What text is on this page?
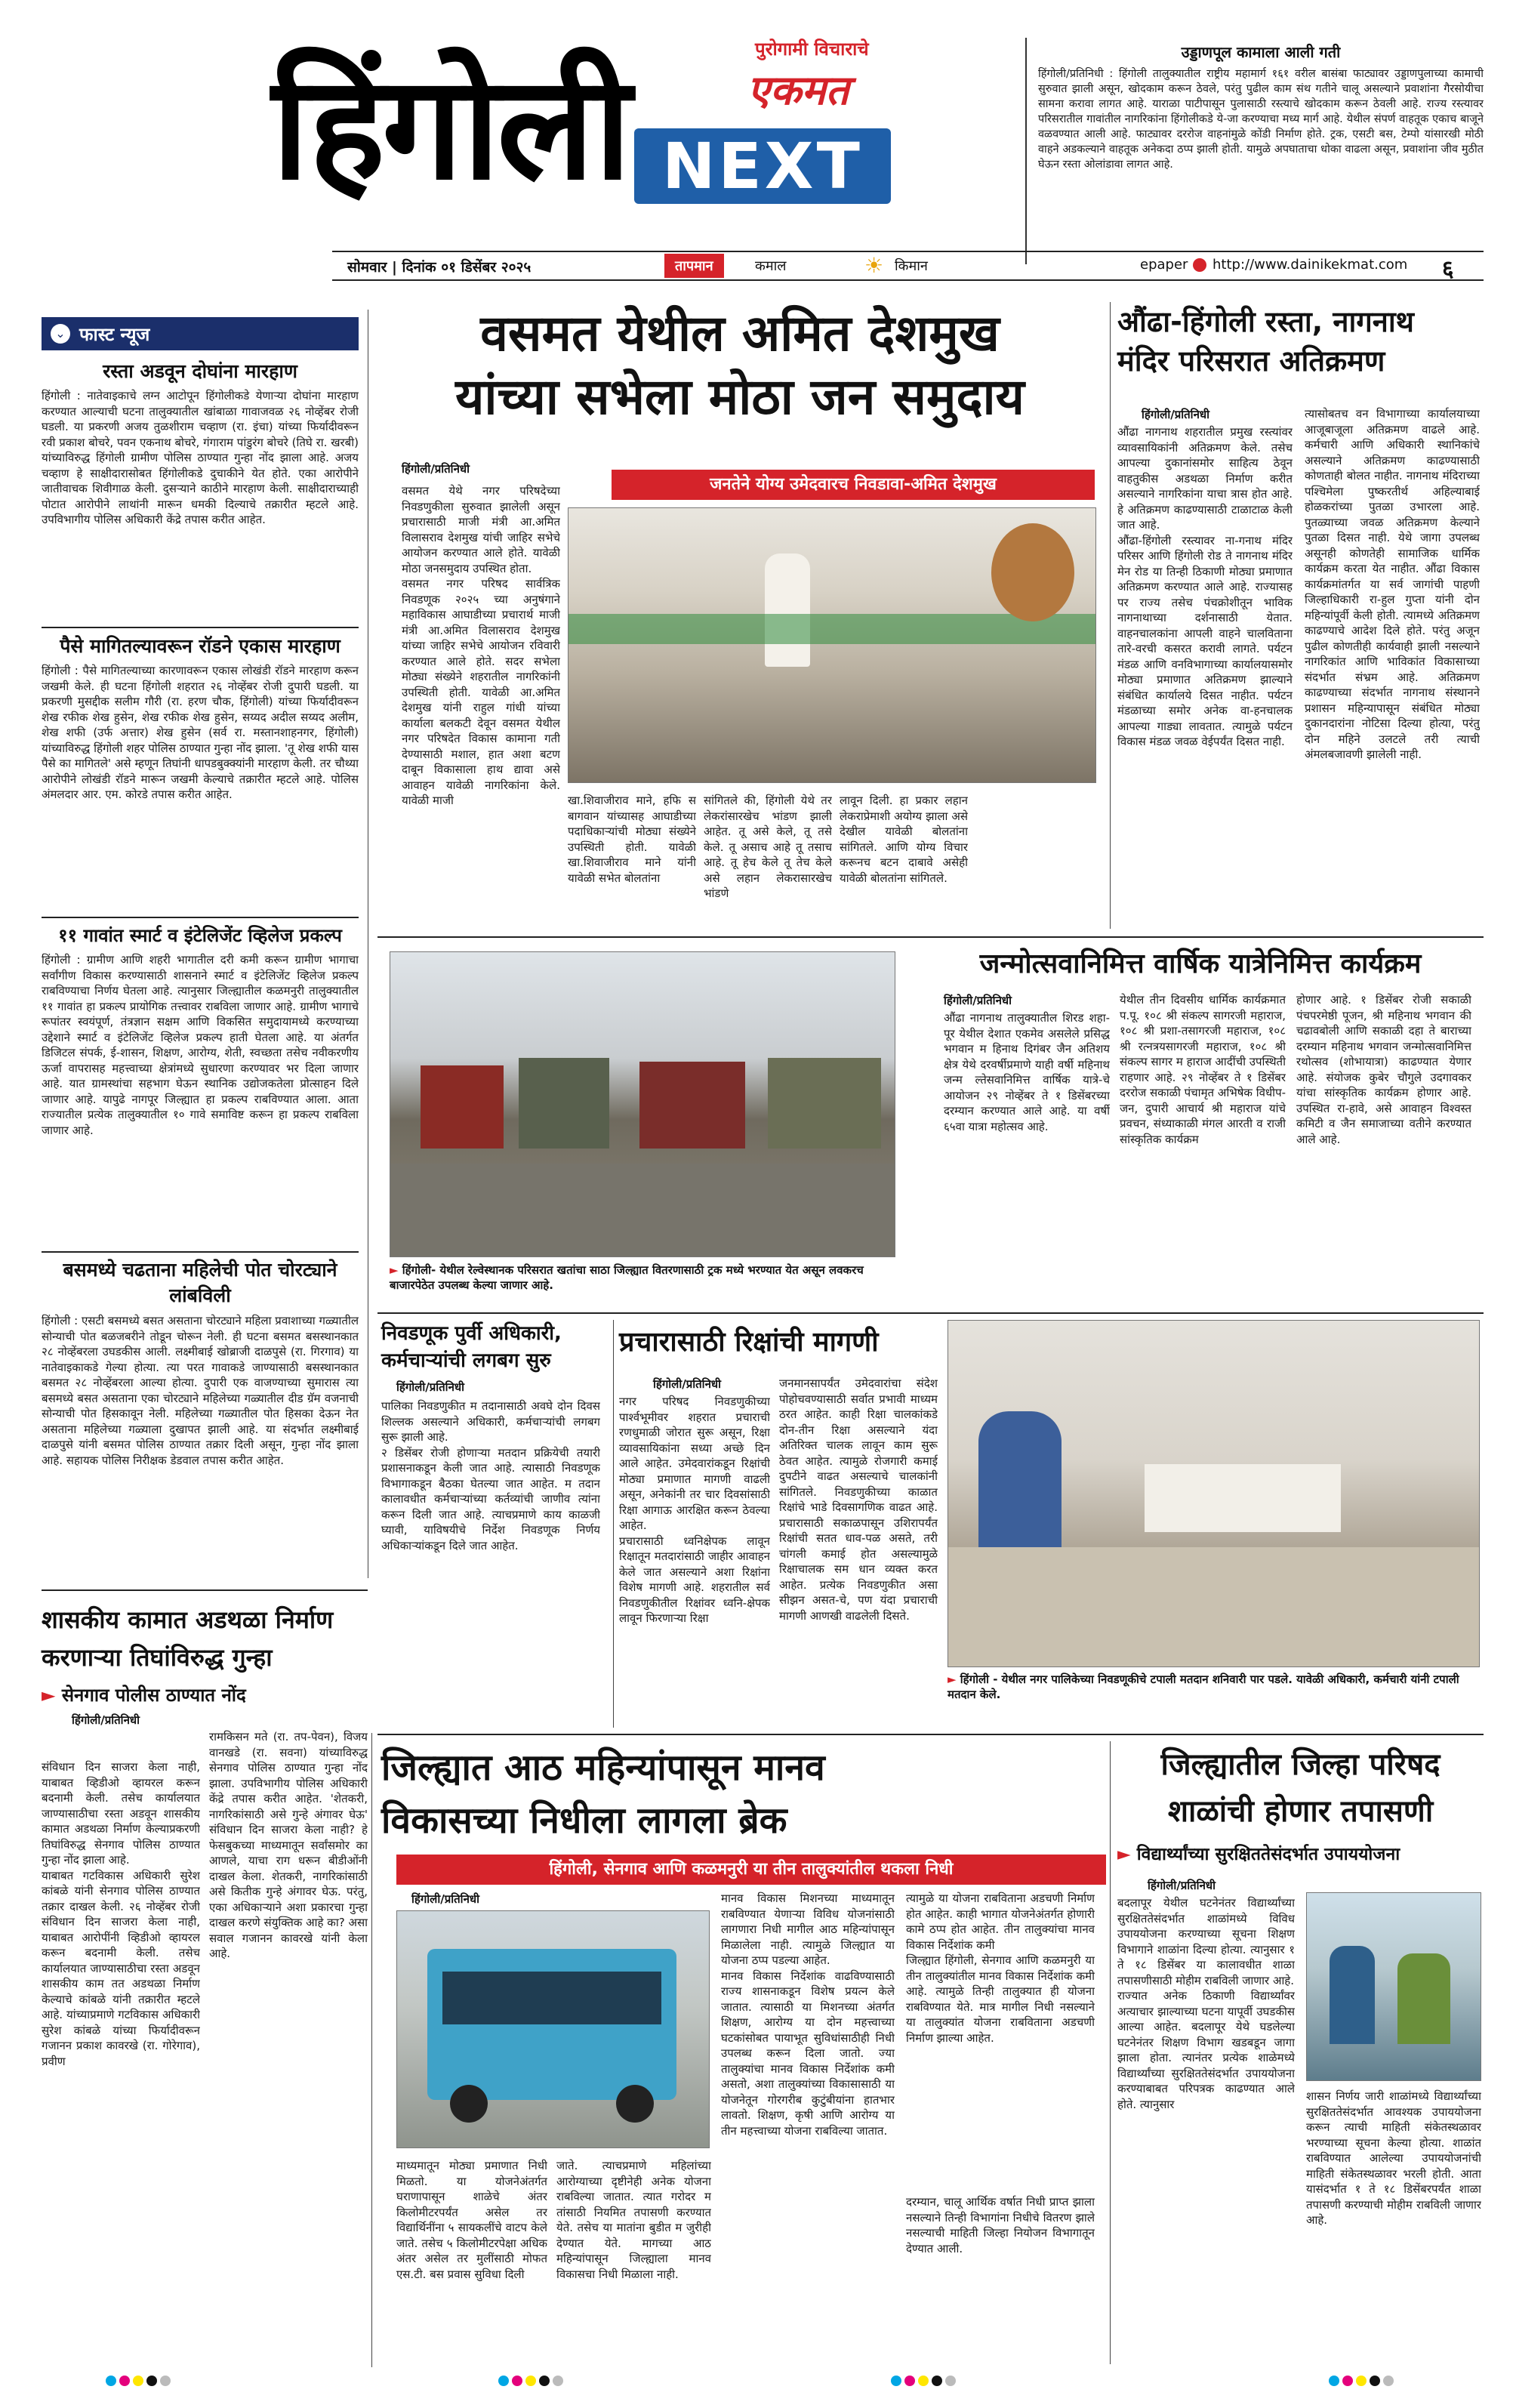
हिंगोली	पुरोगामी विचाराचे
एकमत
NEXT
उड्डाणपूल कामाला आली गती
हिंगोली/प्रतिनिधी : हिंगोली तालुक्यातील राष्ट्रीय महामार्ग १६१ वरील बासंबा फाट्यावर उड्डाणपुलाच्या कामाची सुरुवात झाली असून, खोदकाम करून ठेवले, परंतु पुढील काम संथ गतीने चालू असल्याने प्रवाशांना गैरसोयीचा सामना करावा लागत आहे. याराळा पाटीपासून पुलासाठी रस्त्याचे खोदकाम करून ठेवली आहे. राज्य रस्त्यावर परिसरातील गावांतील नागरिकांना हिंगोलीकडे ये-जा करण्याचा मध्य मार्ग आहे. येथील संपर्ण वाहतूक एकाच बाजूने वळवण्यात आली आहे. फाट्यावर दररोज वाहनांमुळे कोंडी निर्माण होते. ट्रक, एसटी बस, टेम्पो यांसारखी मोठी वाहने अडकल्याने वाहतूक अनेकदा ठप्प झाली होती. यामुळे अपघाताचा धोका वाढला असून, प्रवाशांना जीव मुठीत घेऊन रस्ता ओलांडावा लागत आहे.
सोमवार | दिनांक ०१ डिसेंबर २०२५	तापमान	कमाल	☀ किमान	epaper http://www.dainikekmat.com ६
⌄ फास्ट न्यूज
रस्ता अडवून दोघांना मारहाण
हिंगोली : नातेवाइकाचे लग्न आटोपून हिंगोलीकडे येणाऱ्या दोघांना मारहाण करण्यात आल्याची घटना तालुक्यातील खांबाळा गावाजवळ २६ नोव्हेंबर रोजी घडली. या प्रकरणी अजय तुळशीराम चव्हाण (रा. इंचा) यांच्या फिर्यादीवरून रवी प्रकाश बोचरे, पवन एकनाथ बोचरे, गंगाराम पांडुरंग बोचरे (तिघे रा. खरबी) यांच्याविरुद्ध हिंगोली ग्रामीण पोलिस ठाण्यात गुन्हा नोंद झाला आहे. अजय चव्हाण हे साक्षीदारासोबत हिंगोलीकडे दुचाकीने येत होते. एका आरोपीने जातीवाचक शिवीगाळ केली. दुसऱ्याने काठीने मारहाण केली. साक्षीदाराच्याही पोटात आरोपीने लाथांनी मारून धमकी दिल्याचे तक्रारीत म्हटले आहे. उपविभागीय पोलिस अधिकारी केंद्रे तपास करीत आहेत.
पैसे मागितल्यावरून रॉडने एकास मारहाण
हिंगोली : पैसे मागितल्याच्या कारणावरून एकास लोखंडी रॉडने मारहाण करून जखमी केले. ही घटना हिंगोली शहरात २६ नोव्हेंबर रोजी दुपारी घडली. या प्रकरणी मुसद्दीक सलीम गौरी (रा. हरण चौक, हिंगोली) यांच्या फिर्यादीवरून शेख रफीक शेख हुसेन, शेख रफीक शेख हुसेन, सय्यद अदील सय्यद अलीम, शेख शफी (उर्फ अत्तार) शेख हुसेन (सर्व रा. मस्तानशाहनगर, हिंगोली) यांच्याविरुद्ध हिंगोली शहर पोलिस ठाण्यात गुन्हा नोंद झाला. 'तू शेख शफी यास पैसे का मागितले' असे म्हणून तिघांनी धापडबुक्क्यांनी मारहाण केली. तर चौथ्या आरोपीने लोखंडी रॉडने मारून जखमी केल्याचे तक्रारीत म्हटले आहे. पोलिस अंमलदार आर. एम. कोरडे तपास करीत आहेत.
११ गावांत स्मार्ट व इंटेलिजेंट व्हिलेज प्रकल्प
हिंगोली : ग्रामीण आणि शहरी भागातील दरी कमी करून ग्रामीण भागाचा सर्वांगीण विकास करण्यासाठी शासनाने स्मार्ट व इंटेलिजेंट व्हिलेज प्रकल्प राबविण्याचा निर्णय घेतला आहे. त्यानुसार जिल्ह्यातील कळमनुरी तालुक्यातील ११ गावांत हा प्रकल्प प्रायोगिक तत्त्वावर राबविला जाणार आहे. ग्रामीण भागाचे रूपांतर स्वयंपूर्ण, तंत्रज्ञान सक्षम आणि विकसित समुदायामध्ये करण्याच्या उद्देशाने स्मार्ट व इंटेलिजेंट व्हिलेज प्रकल्प हाती घेतला आहे. या अंतर्गत डिजिटल संपर्क, ई-शासन, शिक्षण, आरोग्य, शेती, स्वच्छता तसेच नवीकरणीय ऊर्जा वापरासह महत्त्वाच्या क्षेत्रांमध्ये सुधारणा करण्यावर भर दिला जाणार आहे. यात ग्रामस्थांचा सहभाग घेऊन स्थानिक उद्योजकतेला प्रोत्साहन दिले जाणार आहे. यापुढे नागपूर जिल्ह्यात हा प्रकल्प राबविण्यात आला. आता राज्यातील प्रत्येक तालुक्यातील १० गावे समाविष्ट करून हा प्रकल्प राबविला जाणार आहे.
बसमध्ये चढताना महिलेची पोत चोरट्याने लांबविली
हिंगोली : एसटी बसमध्ये बसत असताना चोरट्याने महिला प्रवाशाच्या गळ्यातील सोन्याची पोत बळजबरीने तोडून चोरून नेली. ही घटना बसमत बसस्थानकात २८ नोव्हेंबरला उघडकीस आली. लक्ष्मीबाई खोब्राजी दाळपुसे (रा. गिरगाव) या नातेवाइकाकडे गेल्या होत्या. त्या परत गावाकडे जाण्यासाठी बसस्थानकात बसमत २८ नोव्हेंबरला आल्या होत्या. दुपारी एक वाजण्याच्या सुमारास त्या बसमध्ये बसत असताना एका चोरट्याने महिलेच्या गळ्यातील दीड ग्रॅम वजनाची सोन्याची पोत हिसकावून नेली. महिलेच्या गळ्यातील पोत हिसका देऊन नेत असताना महिलेच्या गळ्याला दुखापत झाली आहे. या संदर्भात लक्ष्मीबाई दाळपुसे यांनी बसमत पोलिस ठाण्यात तक्रार दिली असून, गुन्हा नोंद झाला आहे. सहायक पोलिस निरीक्षक डेडवाल तपास करीत आहेत.
वसमत येथील अमित देशमुख
यांच्या सभेला मोठा जन समुदाय
जनतेने योग्य उमेदवारच निवडावा-अमित देशमुख
हिंगोली/प्रतिनिधी
वसमत येथे नगर परिषदेच्या निवडणुकीला सुरुवात झालेली असून प्रचारासाठी माजी मंत्री आ.अमित विलासराव देशमुख यांची जाहिर सभेचे आयोजन करण्यात आले होते. यावेळी मोठा जनसमुदाय उपस्थित होता.
वसमत नगर परिषद सार्वत्रिक निवडणूक २०२५ च्या अनुषंगाने महाविकास आघाडीच्या प्रचारार्थ माजी मंत्री आ.अमित विलासराव देशमुख यांच्या जाहिर सभेचे आयोजन रविवारी करण्यात आले होते. सदर सभेला मोठ्या संख्येने शहरातील नागरिकांनी उपस्थिती होती. यावेळी आ.अमित देशमुख यांनी राहुल गांधी यांच्या कार्याला बलकटी देवून वसमत येथील नगर परिषदेत विकास कामाना गती देण्यासाठी मशाल, हात अशा बटण दाबून विकासाला हाथ द्यावा असे आवाहन यावेळी नागरिकांना केले. यावेळी माजी	खा.शिवाजीराव माने, हफि स बागवान यांच्यासह आघाडीच्या पदाधिकाऱ्यांची मोठ्या संख्येने उपस्थिती होती. यावेळी खा.शिवाजीराव माने यांनी यावेळी सभेत बोलतांना
सांगितले की, हिंगोली येथे तर लेकरांसारखेच भांडण झाली आहेत. तू असे केले, तू तसे केले. तू असाच आहे तू तसाच आहे. तू हेच केले तू तेच केले असे लहान लेकरासारखेच भांडणे
लावून दिली. हा प्रकार लहान लेकराप्रेमाशी अयोग्य झाला असे देखील यावेळी बोलतांना सांगितले. आणि योग्य विचार करूनच बटन दाबावे असेही यावेळी बोलतांना सांगितले.
औंढा-हिंगोली रस्ता, नागनाथ
मंदिर परिसरात अतिक्रमण
हिंगोली/प्रतिनिधी
औंढा नागनाथ शहरातील प्रमुख रस्त्यांवर व्यावसायिकांनी अतिक्रमण केले. तसेच आपल्या दुकानांसमोर साहित्य ठेवून वाहतुकीस अडथळा निर्माण करीत असल्याने नागरिकांना याचा त्रास होत आहे. हे अतिक्रमण काढण्यासाठी टाळाटाळ केली जात आहे.
औंढा-हिंगोली रस्त्यावर ना-गनाथ मंदिर परिसर आणि हिंगोली रोड ते नागनाथ मंदिर मेन रोड या तिन्ही ठिकाणी मोठ्या प्रमाणात अतिक्रमण करण्यात आले आहे. राज्यासह पर राज्य तसेच पंचक्रोशीतून भाविक नागनाथाच्या दर्शनासाठी येतात. वाहनचालकांना आपली वाहने चालविताना तारे-वरची कसरत करावी लागते. पर्यटन मंडळ आणि वनविभागाच्या कार्यालयासमोर मोठ्या प्रमाणात अतिक्रमण झाल्याने संबंधित कार्यालये दिसत नाहीत. पर्यटन मंडळाच्या समोर अनेक वा-हनचालक आपल्या गाड्या लावतात. त्यामुळे पर्यटन विकास मंडळ जवळ वेईपर्यंत दिसत नाही.
त्यासोबतच वन विभागाच्या कार्यालयाच्या आजूबाजूला अतिक्रमण वाढले आहे. कर्मचारी आणि अधिकारी स्थानिकांचे असल्याने अतिक्रमण काढण्यासाठी कोणताही बोलत नाहीत. नागनाथ मंदिराच्या पश्चिमेला पुष्करतीर्थ अहिल्याबाई होळकरांच्या पुतळा उभारला आहे. पुतळ्याच्या जवळ अतिक्रमण केल्याने पुतळा दिसत नाही. येथे जागा उपलब्ध असूनही कोणतेही सामाजिक धार्मिक कार्यक्रम करता येत नाहीत. औंढा विकास कार्यक्रमांतर्गत या सर्व जागांची पाहणी जिल्हाधिकारी रा-हुल गुप्ता यांनी दोन महिन्यांपूर्वी केली होती. त्यामध्ये अतिक्रमण काढण्याचे आदेश दिले होते. परंतु अजून पुढील कोणतीही कार्यवाही झाली नसल्याने नागरिकांत आणि भाविकांत विकासाच्या संदर्भात संभ्रम आहे. अतिक्रमण काढण्याच्या संदर्भात नागनाथ संस्थानने प्रशासन महिन्यापासून संबंधित मोठ्या दुकानदारांना नोटिसा दिल्या होत्या, परंतु दोन महिने उलटले तरी त्याची अंमलबजावणी झालेली नाही.
► हिंगोली- येथील रेल्वेस्थानक परिसरात खतांचा साठा जिल्ह्यात वितरणासाठी ट्रक मध्ये भरण्यात येत असून लवकरच बाजारपेठेत उपलब्ध केल्या जाणार आहे.
जन्मोत्सवानिमित्त वार्षिक यात्रेनिमित्त कार्यक्रम
हिंगोली/प्रतिनिधी
औंढा नागनाथ तालुक्यातील शिरड शहा-पूर येथील देशात एकमेव असलेले प्रसिद्ध भगवान म हिनाथ दिगंबर जैन अतिशय क्षेत्र येथे दरवर्षीप्रमाणे याही वर्षी महिनाथ जन्म ल्तेसवानिमित्त वार्षिक यात्रे-चे आयोजन २९ नोव्हेंबर ते १ डिसेंबरच्या दरम्यान करण्यात आले आहे. या वर्षी ६५वा यात्रा महोत्सव आहे.
येथील तीन दिवसीय धार्मिक कार्यक्रमात प.पू. १०८ श्री संकल्प सागरजी महाराज, १०८ श्री प्रशा-तसागरजी महाराज, १०८ श्री रत्नत्रयसागरजी महाराज, १०८ श्री संकल्प सागर म हाराज आदींची उपस्थिती राहणार आहे. २९ नोव्हेंबर ते १ डिसेंबर दररोज सकाळी पंचामृत अभिषेक विधीप-जन, दुपारी आचार्य श्री महाराज यांचे प्रवचन, संध्याकाळी मंगल आरती व राजी सांस्कृतिक कार्यक्रम
होणार आहे. १ डिसेंबर रोजी सकाळी पंचपरमेष्ठी पूजन, श्री महिनाथ भगवान की चढावबोली आणि सकाळी दहा ते बाराच्या दरम्यान महिनाथ भगवान जन्मोत्सवानिमित्त रथोत्सव (शोभायात्रा) काढण्यात येणार आहे. संयोजक कुबेर चौगुले उदगावकर यांचा सांस्कृतिक कार्यक्रम होणार आहे. उपस्थित रा-हावे, असे आवाहन विश्वस्त कमिटी व जैन समाजाच्या वतीने करण्यात आले आहे.
निवडणूक पुर्वी अधिकारी,
कर्मचाऱ्यांची लगबग सुरु
हिंगोली/प्रतिनिधी
पालिका निवडणुकीत म तदानासाठी अवघे दोन दिवस शिल्लक असल्याने अधिकारी, कर्मचाऱ्यांची लगबग सुरू झाली आहे.
२ डिसेंबर रोजी होणाऱ्या मतदान प्रक्रियेची तयारी प्रशासनाकडून केली जात आहे. त्यासाठी निवडणूक विभागाकडून बैठका घेतल्या जात आहेत. म तदान कालावधीत कर्मचाऱ्यांच्या कर्तव्यांची जाणीव त्यांना करून दिली जात आहे. त्याचप्रमाणे काय काळजी घ्यावी, याविषयीचे निर्देश निवडणूक निर्णय अधिकाऱ्यांकडून दिले जात आहेत.
प्रचारासाठी रिक्षांची मागणी
हिंगोली/प्रतिनिधी
नगर परिषद निवडणुकीच्या पार्श्वभूमीवर शहरात प्रचाराची रणधुमाळी जोरात सुरू असून, रिक्षा व्यावसायिकांना सध्या अच्छे दिन आले आहेत. उमेदवारांकडून रिक्षांची मोठ्या प्रमाणात मागणी वाढली असून, अनेकांनी तर चार दिवसांसाठी रिक्षा आगाऊ आरक्षित करून ठेवल्या आहेत.
प्रचारासाठी ध्वनिक्षेपक लावून रिक्षातून मतदारांसाठी जाहीर आवाहन केले जात असल्याने अशा रिक्षांना विशेष मागणी आहे. शहरातील सर्व निवडणुकीतील रिक्षांवर ध्वनि-क्षेपक लावून फिरणाऱ्या रिक्षा
जनमानसापर्यंत उमेदवारांचा संदेश पोहोचवण्यासाठी सर्वात प्रभावी माध्यम ठरत आहेत. काही रिक्षा चालकांकडे दोन-तीन रिक्षा असल्याने यंदा अतिरिक्त चालक लावून काम सुरू ठेवत आहेत. त्यामुळे रोजगारी कमाई दुपटीने वाढत असल्याचे चालकांनी सांगितले. निवडणुकीच्या काळात रिक्षांचे भाडे दिवसागणिक वाढत आहे. प्रचारासाठी सकाळपासून उशिरापर्यंत रिक्षांची सतत धाव-पळ असते, तरी चांगली कमाई होत असल्यामुळे रिक्षाचालक सम धान व्यक्त करत आहेत. प्रत्येक निवडणुकीत असा सीझन असत-चे, पण यंदा प्रचाराची मागणी आणखी वाढलेली दिसते.
► हिंगोली - येथील नगर पालिकेच्या निवडणूकीचे टपाली मतदान शनिवारी पार पडले. यावेळी अधिकारी, कर्मचारी यांनी टपाली मतदान केले.
शासकीय कामात अडथळा निर्माण
करणाऱ्या तिघांविरुद्ध गुन्हा
► सेनगाव पोलीस ठाण्यात नोंद
हिंगोली/प्रतिनिधी
संविधान दिन साजरा केला नाही, याबाबत व्हिडीओ व्हायरल करून बदनामी केली. तसेच कार्यालयात जाण्यासाठीचा रस्ता अडवून शासकीय कामात अडथळा निर्माण केल्याप्रकरणी तिघांविरुद्ध सेनगाव पोलिस ठाण्यात गुन्हा नोंद झाला आहे.
याबाबत गटविकास अधिकारी सुरेश कांबळे यांनी सेनगाव पोलिस ठाण्यात तक्रार दाखल केली. २६ नोव्हेंबर रोजी संविधान दिन साजरा केला नाही, याबाबत आरोपींनी व्हिडीओ व्हायरल करून बदनामी केली. तसेच कार्यालयात जाण्यासाठीचा रस्ता अडवून शासकीय काम तत अडथळा निर्माण केल्याचे कांबळे यांनी तक्रारीत म्हटले आहे. यांच्याप्रमाणे गटविकास अधिकारी सुरेश कांबळे यांच्या फिर्यादीवरून गजानन प्रकाश कावरखे (रा. गोरेगाव), प्रवीण
रामकिसन मते (रा. तप-पेवन), विजय वानखडे (रा. सवना) यांच्याविरुद्ध सेनगाव पोलिस ठाण्यात गुन्हा नोंद झाला. उपविभागीय पोलिस अधिकारी केंद्रे तपास करीत आहेत. 'शेतकरी, नागरिकांसाठी असे गुन्हे अंगावर घेऊ' संविधान दिन साजरा केला नाही? हे फेसबुकच्या माध्यमातून सर्वांसमोर का आणले, याचा राग धरून बीडीओंनी दाखल केला. शेतकरी, नागरिकांसाठी असे कितीक गुन्हे अंगावर घेऊ. परंतु, एका अधिकाऱ्याने अशा प्रकारचा गुन्हा दाखल करणे संयुक्तिक आहे का? असा सवाल गजानन कावरखे यांनी केला आहे.
जिल्ह्यात आठ महिन्यांपासून मानव
विकासच्या निधीला लागला ब्रेक
हिंगोली, सेनगाव आणि कळमनुरी या तीन तालुक्यांतील थकला निधी
हिंगोली/प्रतिनिधी	मानव विकास मिशनच्या माध्यमातून राबविण्यात येणाऱ्या विविध योजनांसाठी लागणारा निधी मागील आठ महिन्यांपासून मिळालेला नाही. त्यामुळे जिल्ह्यात या योजना ठप्प पडल्या आहेत.
मानव विकास निर्देशांक वाढविण्यासाठी राज्य शासनाकडून विशेष प्रयत्न केले जातात. त्यासाठी या मिशनच्या अंतर्गत शिक्षण, आरोग्य या दोन महत्त्वाच्या घटकांसोबत पायाभूत सुविधांसाठीही निधी उपलब्ध करून दिला जातो. ज्या तालुक्यांचा मानव विकास निर्देशांक कमी असतो, अशा तालुक्यांच्या विकासासाठी या योजनेतून गोरगरीब कुटुंबीयांना हातभार लावतो. शिक्षण, कृषी आणि आरोग्य या तीन महत्त्वाच्या योजना राबविल्या जातात.
त्यामुळे या योजना राबविताना अडचणी निर्माण होत आहेत. काही भागात योजनेअंतर्गत होणारी कामे ठप्प होत आहेत. तीन तालुक्यांचा मानव विकास निर्देशांक कमी
जिल्ह्यात हिंगोली, सेनगाव आणि कळमनुरी या तीन तालुक्यांतील मानव विकास निर्देशांक कमी आहे. त्यामुळे तिन्ही तालुक्यात ही योजना राबविण्यात येते. मात्र मागील निधी नसल्याने या तालुक्यांत योजना राबविताना अडचणी निर्माण झाल्या आहेत.
माध्यमातून मोठ्या प्रमाणात निधी मिळतो. या योजनेअंतर्गत घराणापासून शाळेचे अंतर किलोमीटरपर्यंत असेल तर विद्यार्थिनींना ५ सायकलींचे वाटप केले जाते. तसेच ५ किलोमीटरपेक्षा अधिक अंतर असेल तर मुलींसाठी मोफत एस.टी. बस प्रवास सुविधा दिली
जाते. त्याचप्रमाणे महिलांच्या आरोग्याच्या दृष्टीनेही अनेक योजना राबविल्या जातात. त्यात गरोदर म तांसाठी नियमित तपासणी करण्यात येते. तसेच या मातांना बुडीत म जुरीही देण्यात येते. मागच्या आठ महिन्यांपासून जिल्ह्याला मानव विकासचा निधी मिळाला नाही.
दरम्यान, चालू आर्थिक वर्षात निधी प्राप्त झाला नसल्याने तिन्ही विभागांना निधीचे वितरण झाले नसल्याची माहिती जिल्हा नियोजन विभागातून देण्यात आली.
जिल्ह्यातील जिल्हा परिषद
शाळांची होणार तपासणी
► विद्यार्थ्यांच्या सुरक्षिततेसंदर्भात उपाययोजना
हिंगोली/प्रतिनिधी
बदलापूर येथील घटनेनंतर विद्यार्थ्यांच्या सुरक्षिततेसंदर्भात शाळांमध्ये विविध उपाययोजना करण्याच्या सूचना शिक्षण विभागाने शाळांना दिल्या होत्या. त्यानुसार १ ते १८ डिसेंबर या कालावधीत शाळा तपासणीसाठी मोहीम राबविली जाणार आहे.
राज्यात अनेक ठिकाणी विद्यार्थ्यांवर अत्याचार झाल्याच्या घटना यापूर्वी उघडकीस आल्या आहेत. बदलापूर येथे घडलेल्या घटनेनंतर शिक्षण विभाग खडबडून जागा झाला होता. त्यानंतर प्रत्येक शाळेमध्ये विद्यार्थ्यांच्या सुरक्षिततेसंदर्भात उपाययोजना करण्याबाबत परिपत्रक काढण्यात आले होते. त्यानुसार
शासन निर्णय जारी शाळांमध्ये विद्यार्थ्यांच्या सुरक्षिततेसंदर्भात आवश्यक उपाययोजना करून त्याची माहिती संकेतस्थळावर भरण्याच्या सूचना केल्या होत्या. शाळांत राबविण्यात आलेल्या उपाययोजनांची माहिती संकेतस्थळावर भरली होती. आता यासंदर्भात १ ते १८ डिसेंबरपर्यंत शाळा तपासणी करण्याची मोहीम राबविली जाणार आहे.
